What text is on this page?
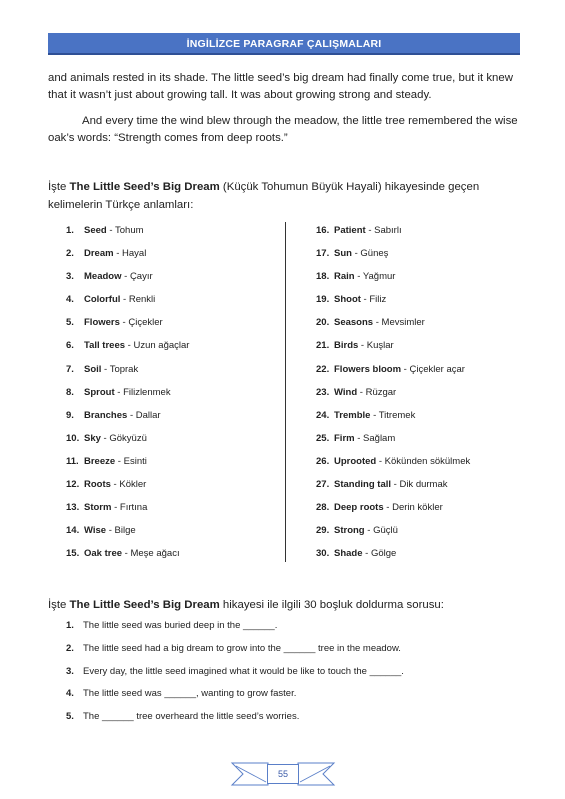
İNGİLİZCE PARAGRAF ÇALIŞMALARI

and animals rested in its shade. The little seed’s big dream had finally come true, but it knew that it wasn’t just about growing tall. It was about growing strong and steady.

And every time the wind blew through the meadow, the little tree remembered the wise oak’s words: “Strength comes from deep roots.”

İşte The Little Seed’s Big Dream (Küçük Tohumun Büyük Hayali) hikayesinde geçen kelimelerin Türkçe anlamları:

1. Seed - Tohum
2. Dream - Hayal
3. Meadow - Çayır
4. Colorful - Renkli
5. Flowers - Çiçekler
6. Tall trees - Uzun ağaçlar
7. Soil - Toprak
8. Sprout - Filizlenmek
9. Branches - Dallar
10. Sky - Gökyüzü
11. Breeze - Esinti
12. Roots - Kökler
13. Storm - Fırtına
14. Wise - Bilge
15. Oak tree - Meşe ağacı
16. Patient - Sabırlı
17. Sun - Güneş
18. Rain - Yağmur
19. Shoot - Filiz
20. Seasons - Mevsimler
21. Birds - Kuşlar
22. Flowers bloom - Çiçekler açar
23. Wind - Rüzgar
24. Tremble - Titremek
25. Firm - Sağlam
26. Uprooted - Kökünden sökülmek
27. Standing tall - Dik durmak
28. Deep roots - Derin kökler
29. Strong - Güçlü
30. Shade - Gölge

İşte The Little Seed’s Big Dream hikayesi ile ilgili 30 boşluk doldurma sorusu:

1. The little seed was buried deep in the ______.
2. The little seed had a big dream to grow into the ______ tree in the meadow.
3. Every day, the little seed imagined what it would be like to touch the ______.
4. The little seed was ______, wanting to grow faster.
5. The ______ tree overheard the little seed’s worries.
55
